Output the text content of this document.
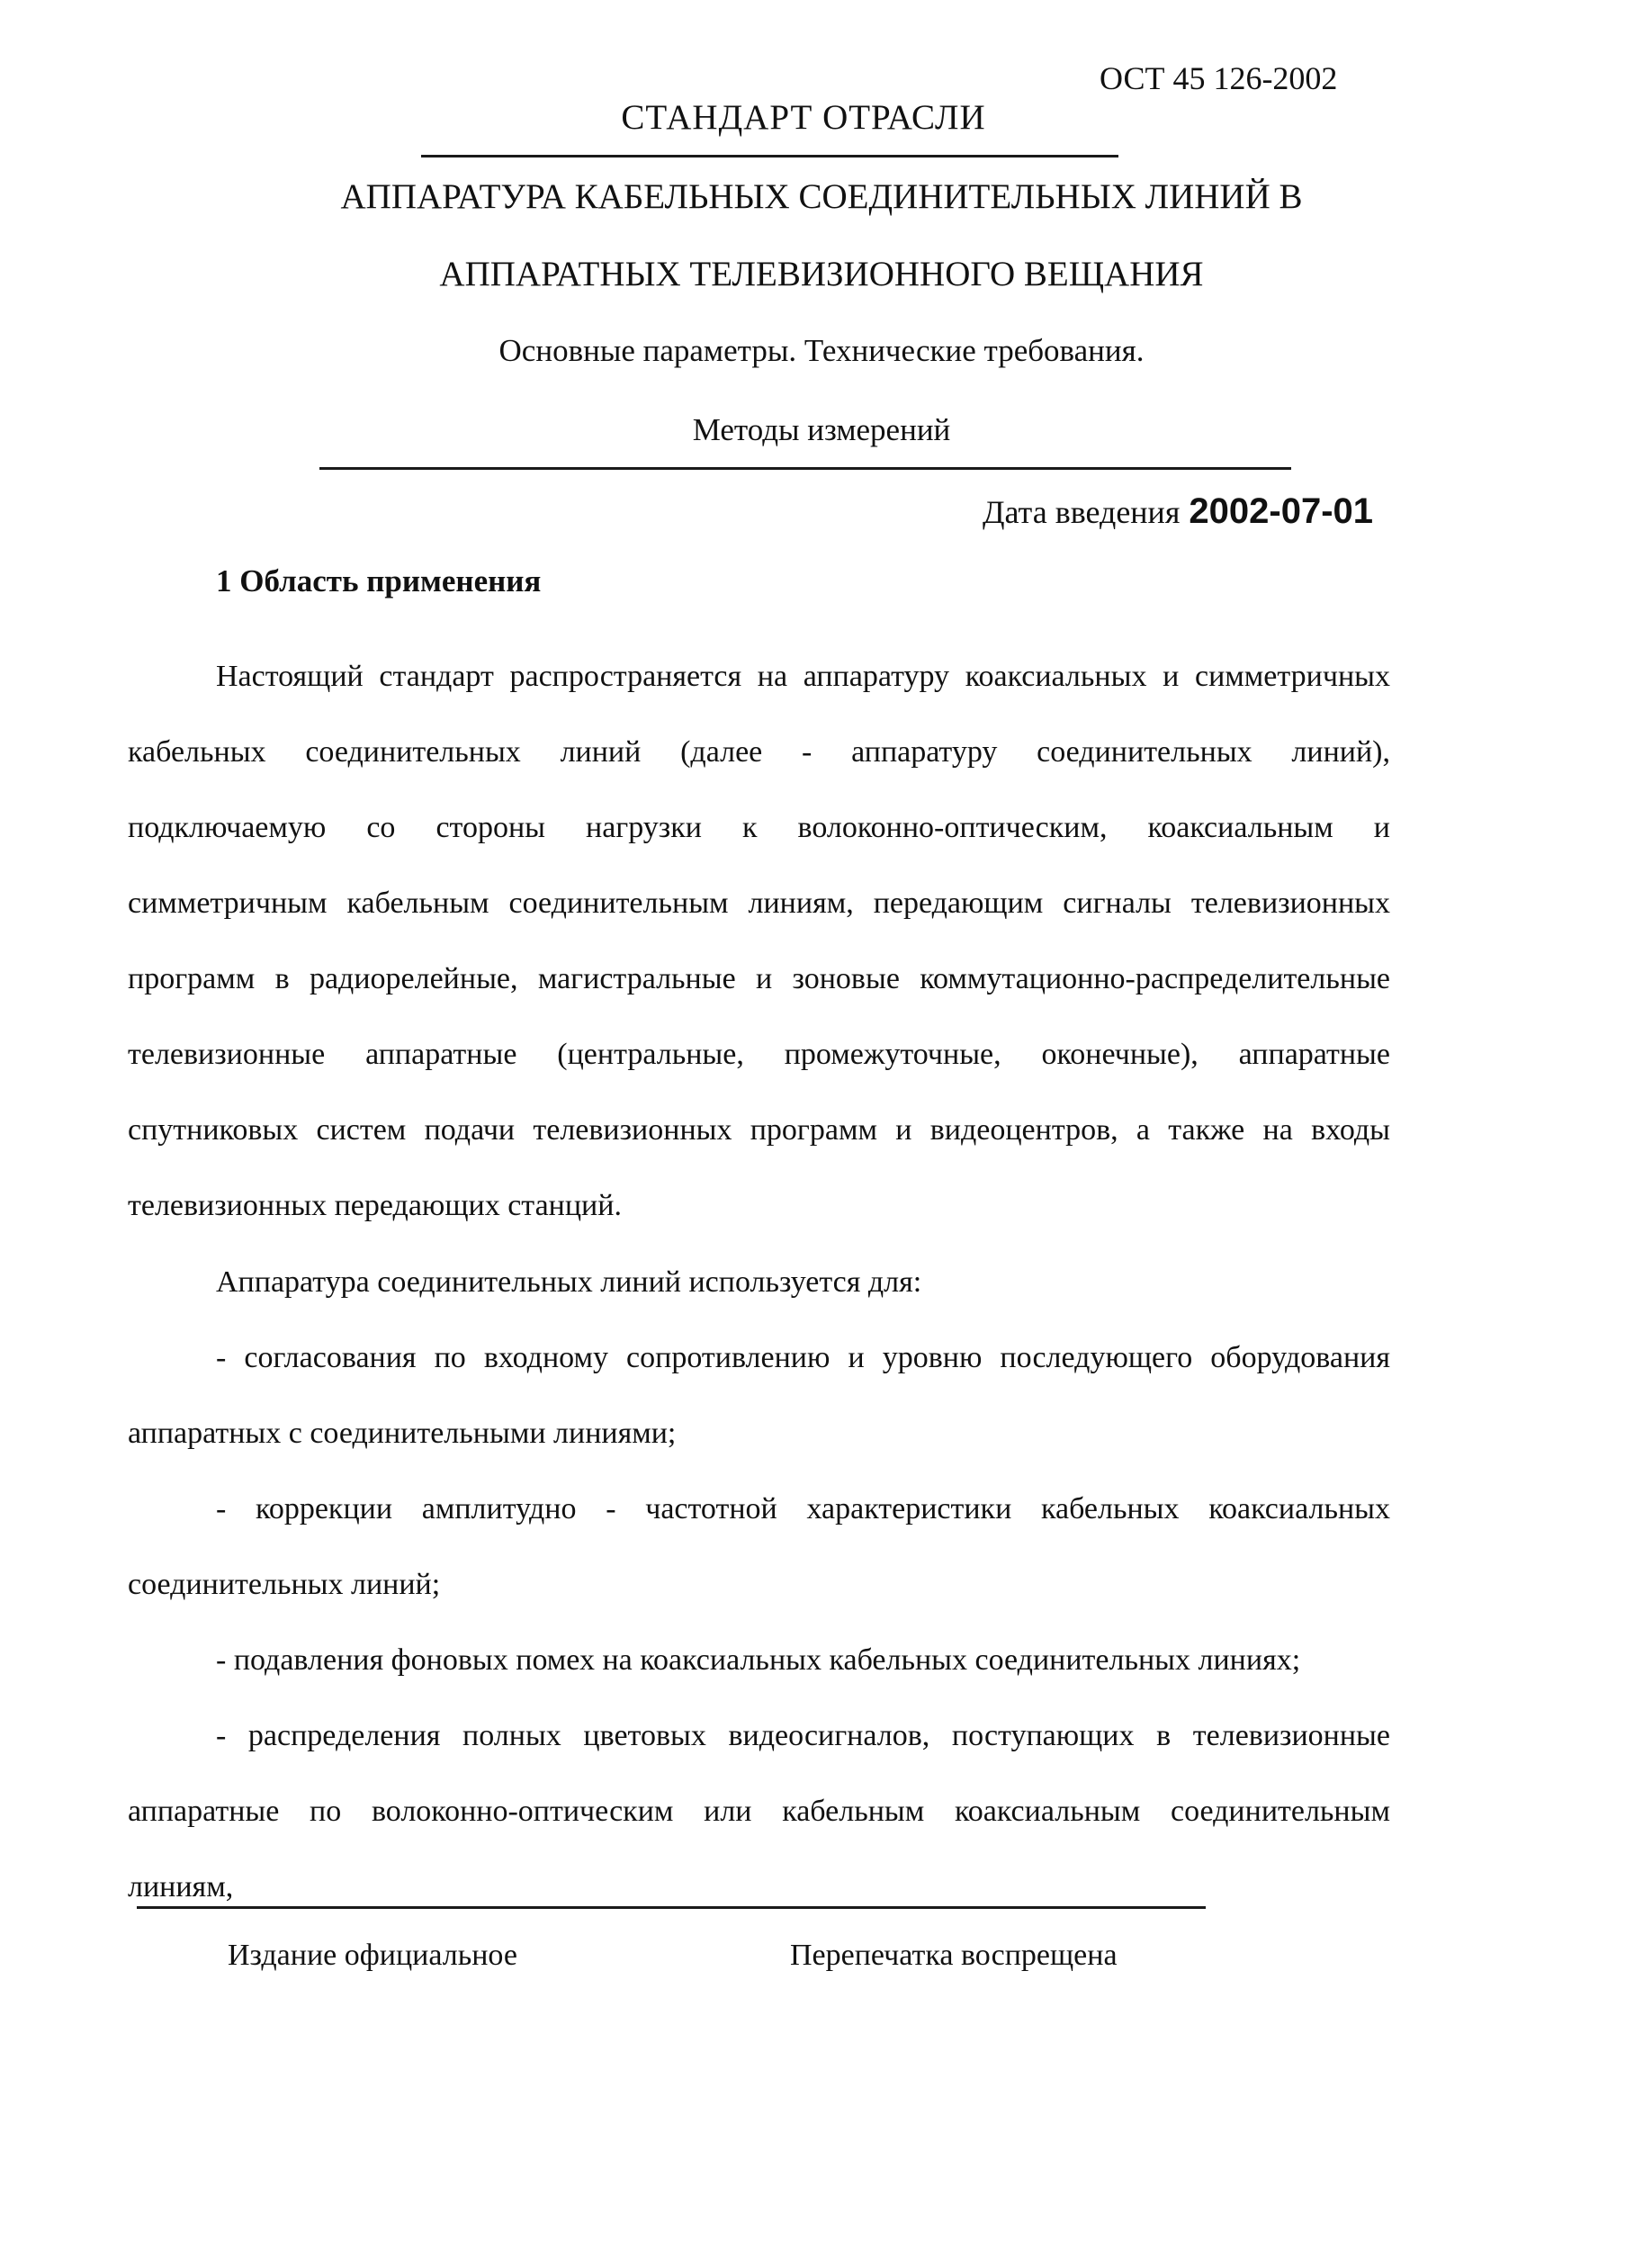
ОСТ 45 126-2002
СТАНДАРТ ОТРАСЛИ
АППАРАТУРА КАБЕЛЬНЫХ СОЕДИНИТЕЛЬНЫХ ЛИНИЙ В
АППАРАТНЫХ ТЕЛЕВИЗИОННОГО ВЕЩАНИЯ
Основные параметры. Технические требования.
Методы измерений
Дата введения 2002-07-01
1 Область применения
Настоящий стандарт распространяется на аппаратуру коаксиальных и симметричных
кабельных соединительных линий (далее - аппаратуру соединительных линий),
подключаемую со стороны нагрузки к волоконно-оптическим, коаксиальным и
симметричным кабельным соединительным линиям, передающим сигналы телевизионных
программ в радиорелейные, магистральные и зоновые коммутационно-распределительные
телевизионные аппаратные (центральные, промежуточные, оконечные), аппаратные
спутниковых систем подачи телевизионных программ и видеоцентров, а также на входы
телевизионных передающих станций.
Аппаратура соединительных линий используется для:
- согласования по входному сопротивлению и уровню последующего оборудования
аппаратных с соединительными линиями;
- коррекции амплитудно - частотной характеристики кабельных коаксиальных
соединительных линий;
- подавления фоновых помех на коаксиальных кабельных соединительных линиях;
- распределения полных цветовых видеосигналов, поступающих в телевизионные
аппаратные по волоконно-оптическим или кабельным коаксиальным соединительным
линиям,
Издание официальное	Перепечатка воспрещена
